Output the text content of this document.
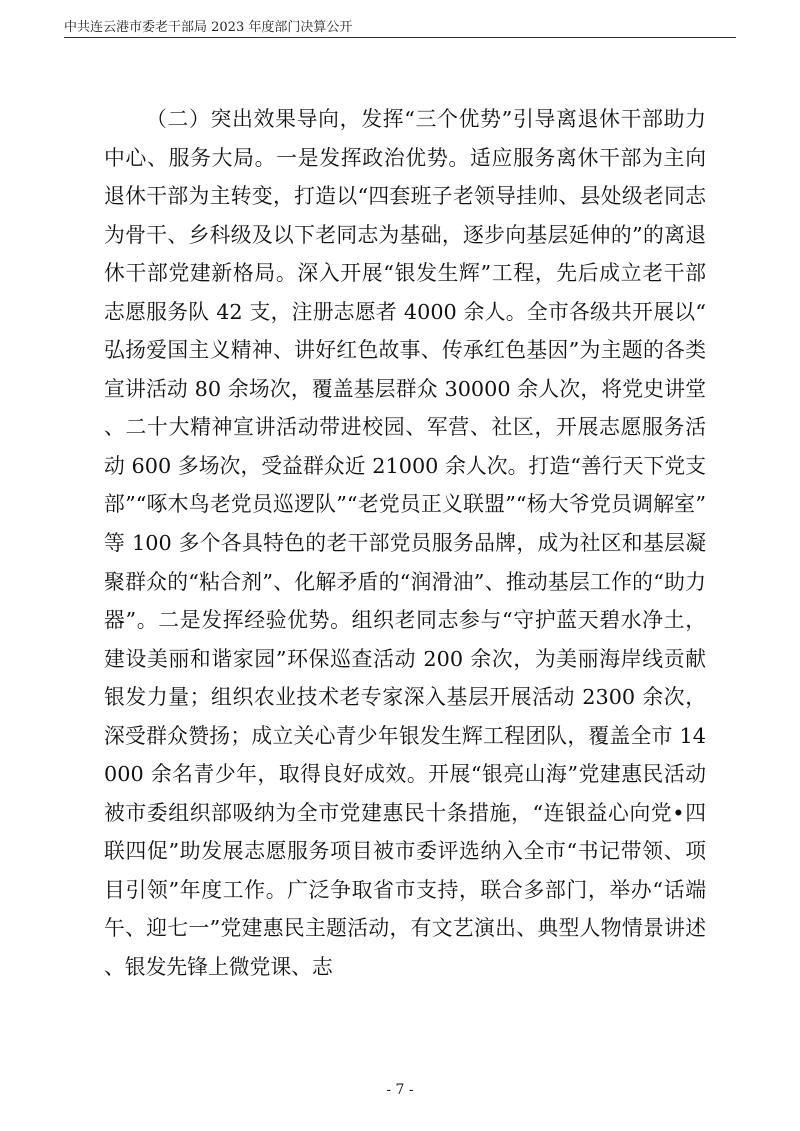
中共连云港市委老干部局 2023 年度部门决算公开

（二）突出效果导向，发挥“三个优势”引导离退休干部助力中心、服务大局。一是发挥政治优势。适应服务离休干部为主向退休干部为主转变，打造以“四套班子老领导挂帅、县处级老同志为骨干、乡科级及以下老同志为基础，逐步向基层延伸的”的离退休干部党建新格局。深入开展“银发生辉”工程，先后成立老干部志愿服务队 42 支，注册志愿者 4000 余人。全市各级共开展以“弘扬爱国主义精神、讲好红色故事、传承红色基因”为主题的各类宣讲活动 80 余场次，覆盖基层群众 30000 余人次，将党史讲堂、二十大精神宣讲活动带进校园、军营、社区，开展志愿服务活动 600 多场次，受益群众近 21000 余人次。打造“善行天下党支部”“啄木鸟老党员巡逻队”“老党员正义联盟”“杨大爷党员调解室”等 100 多个各具特色的老干部党员服务品牌，成为社区和基层凝聚群众的“粘合剂”、化解矛盾的“润滑油”、推动基层工作的“助力器”。二是发挥经验优势。组织老同志参与“守护蓝天碧水净土，建设美丽和谐家园”环保巡查活动 200 余次，为美丽海岸线贡献银发力量；组织农业技术老专家深入基层开展活动 2300 余次，深受群众赞扬；成立关心青少年银发生辉工程团队，覆盖全市 14000 余名青少年，取得良好成效。开展“银亮山海”党建惠民活动被市委组织部吸纳为全市党建惠民十条措施，“连银益心向党•四联四促”助发展志愿服务项目被市委评选纳入全市“书记带领、项目引领”年度工作。广泛争取省市支持，联合多部门，举办“话端午、迎七一”党建惠民主题活动，有文艺演出、典型人物情景讲述、银发先锋上微党课、志

- 7 -
